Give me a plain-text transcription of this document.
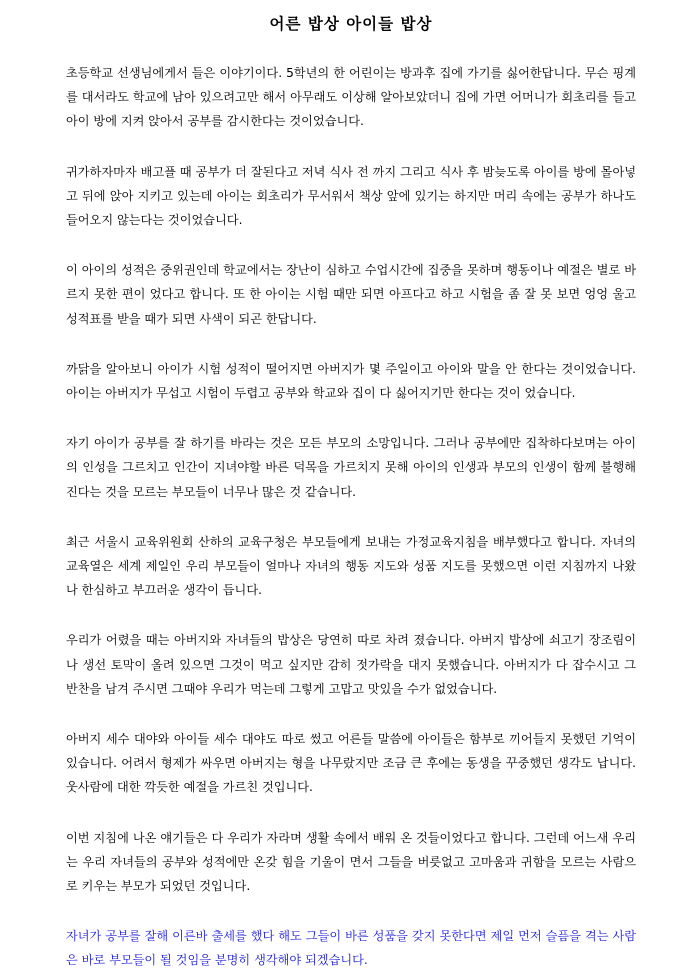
어른 밥상 아이들 밥상

초등학교 선생님에게서 들은 이야기이다. 5학년의 한 어린이는 방과후 집에 가기를 싫어한답니다. 무슨 핑계를 대서라도 학교에 남아 있으려고만 해서 아무래도 이상해 알아보았더니 집에 가면 어머니가 회초리를 들고 아이 방에 지켜 앉아서 공부를 감시한다는 것이었습니다.

귀가하자마자 배고플 때 공부가 더 잘된다고 저녁 식사 전 까지 그리고 식사 후 밤늦도록 아이를 방에 몰아넣고 뒤에 앉아 지키고 있는데 아이는 회초리가 무서워서 책상 앞에 있기는 하지만 머리 속에는 공부가 하나도 들어오지 않는다는 것이었습니다.

이 아이의 성적은 중위권인데 학교에서는 장난이 심하고 수업시간에 집중을 못하며 행동이나 예절은 별로 바르지 못한 편이 었다고 합니다. 또 한 아이는 시험 때만 되면 아프다고 하고 시험을 좀 잘 못 보면 엉엉 울고 성적표를 받을 때가 되면 사색이 되곤 한답니다.

까닭을 알아보니 아이가 시험 성적이 떨어지면 아버지가 몇 주일이고 아이와 말을 안 한다는 것이었습니다. 아이는 아버지가 무섭고 시험이 두렵고 공부와 학교와 집이 다 싫어지기만 한다는 것이 었습니다.

자기 아이가 공부를 잘 하기를 바라는 것은 모든 부모의 소망입니다. 그러나 공부에만 집착하다보며는 아이의 인성을 그르치고 인간이 지녀야할 바른 덕목을 가르치지 못해 아이의 인생과 부모의 인생이 함께 불행해 진다는 것을 모르는 부모들이 너무나 많은 것 같습니다.

최근 서울시 교육위원회 산하의 교육구청은 부모들에게 보내는 가정교육지침을 배부했다고 합니다. 자녀의 교육열은 세계 제일인 우리 부모들이 얼마나 자녀의 행동 지도와 성품 지도를 못했으면 이런 지침까지 나왔나 한심하고 부끄러운 생각이 듭니다.

우리가 어렸을 때는 아버지와 자녀들의 밥상은 당연히 따로 차려 졌습니다. 아버지 밥상에 쇠고기 장조림이나 생선 토막이 올려 있으면 그것이 먹고 싶지만 감히 젓가락을 대지 못했습니다. 아버지가 다 잡수시고 그 반찬을 남겨 주시면 그때야 우리가 먹는데 그렇게 고맙고 맛있을 수가 없었습니다.

아버지 세수 대야와 아이들 세수 대야도 따로 썼고 어른들 말씀에 아이들은 함부로 끼어들지 못했던 기억이 있습니다. 어려서 형제가 싸우면 아버지는 형을 나무랐지만 조금 큰 후에는 동생을 꾸중했던 생각도 납니다. 웃사람에 대한 깍듯한 예절을 가르친 것입니다.

이번 지침에 나온 얘기들은 다 우리가 자라며 생활 속에서 배워 온 것들이었다고 합니다. 그런데 어느새 우리는 우리 자녀들의 공부와 성적에만 온갖 힘을 기울이 면서 그들을 버릇없고 고마움과 귀함을 모르는 사람으로 키우는 부모가 되었던 것입니다.

자녀가 공부를 잘해 이른바 출세를 했다 해도 그들이 바른 성품을 갖지 못한다면 제일 먼저 슬픔을 격는 사람은 바로 부모들이 될 것임을 분명히 생각해야 되겠습니다.
